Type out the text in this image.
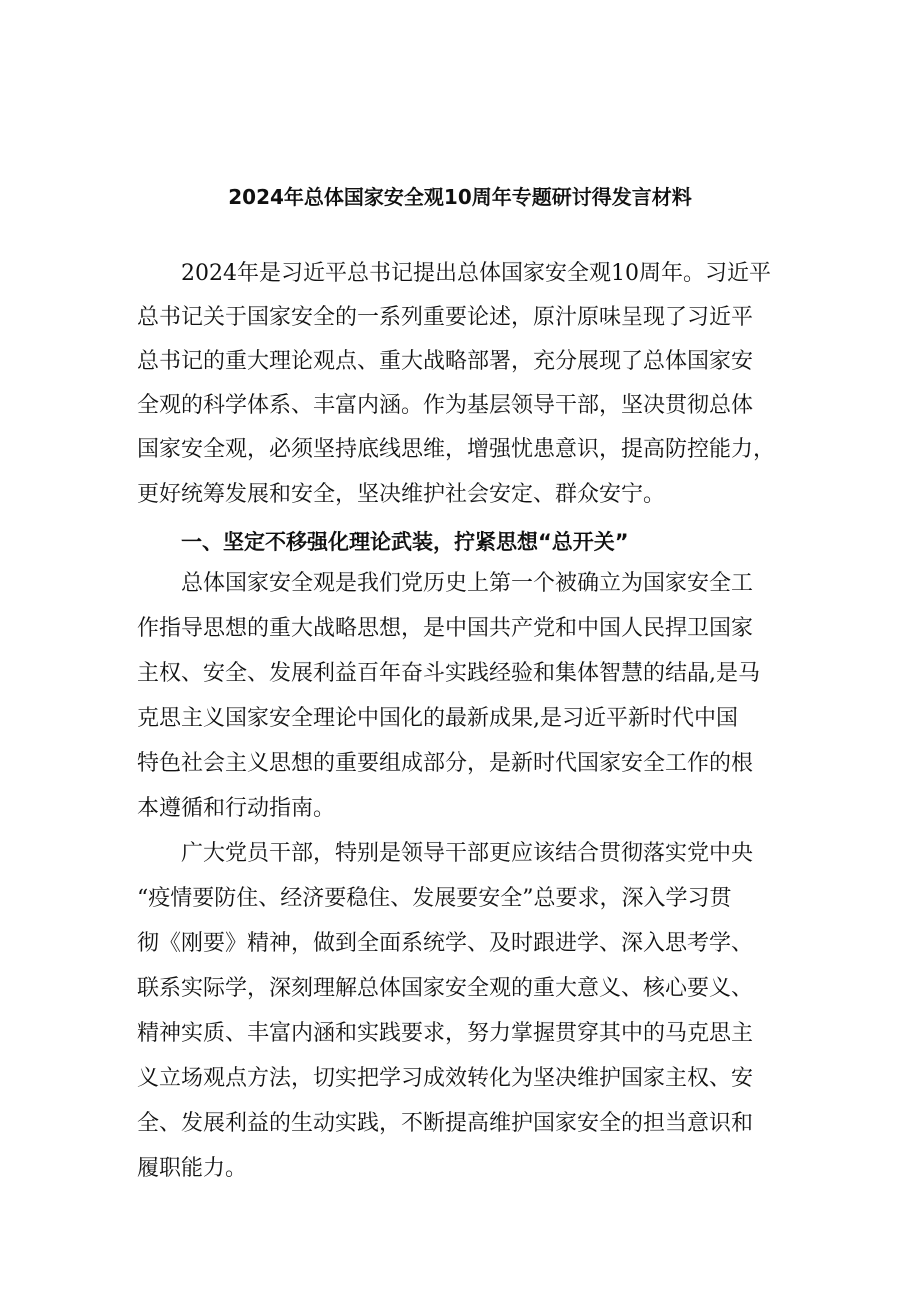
2024年总体国家安全观10周年专题研讨得发言材料
2024年是习近平总书记提出总体国家安全观10周年。习近平
总书记关于国家安全的一系列重要论述，原汁原味呈现了习近平
总书记的重大理论观点、重大战略部署，充分展现了总体国家安
全观的科学体系、丰富内涵。作为基层领导干部，坚决贯彻总体
国家安全观，必须坚持底线思维，增强忧患意识，提高防控能力，
更好统筹发展和安全，坚决维护社会安定、群众安宁。
一、坚定不移强化理论武装，拧紧思想“总开关”
总体国家安全观是我们党历史上第一个被确立为国家安全工
作指导思想的重大战略思想，是中国共产党和中国人民捍卫国家
主权、安全、发展利益百年奋斗实践经验和集体智慧的结晶,是马
克思主义国家安全理论中国化的最新成果,是习近平新时代中国
特色社会主义思想的重要组成部分，是新时代国家安全工作的根
本遵循和行动指南。
广大党员干部，特别是领导干部更应该结合贯彻落实党中央
“疫情要防住、经济要稳住、发展要安全”总要求，深入学习贯
彻《刚要》精神，做到全面系统学、及时跟进学、深入思考学、
联系实际学，深刻理解总体国家安全观的重大意义、核心要义、
精神实质、丰富内涵和实践要求，努力掌握贯穿其中的马克思主
义立场观点方法，切实把学习成效转化为坚决维护国家主权、安
全、发展利益的生动实践，不断提高维护国家安全的担当意识和
履职能力。
